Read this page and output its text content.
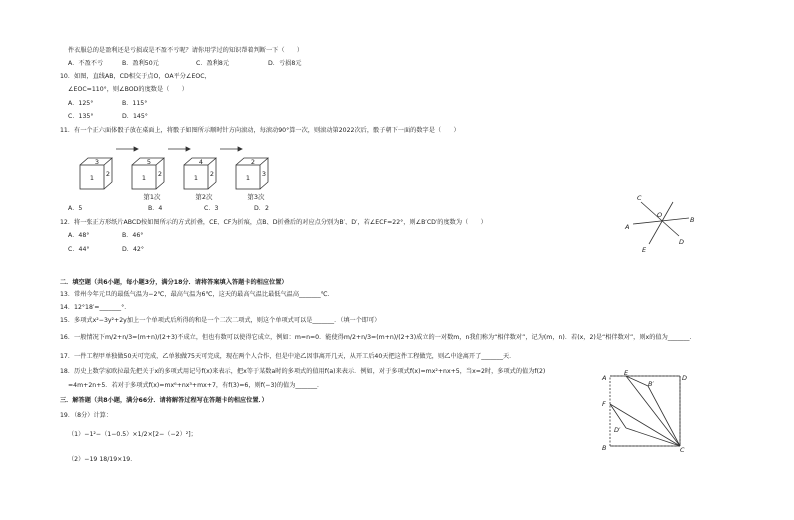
件衣服总的是盈利还是亏损或是不盈不亏呢？请你用学过的知识帮着判断一下（　　）
A．不盈不亏	B．盈利50元	C．盈利8元	D．亏损8元
10．如图，直线AB，CD相交于点O，OA平分∠EOC，
∠EOC=110°，则∠BOD的度数是（　　）
A．125°	B．115°
C．135°	D．145°
11．有一个正六面体骰子放在桌面上，将骰子如图所示顺时针方向滚动，每滚动90°算一次，则滚动第2022次后，骰子朝下一面的数字是（　　）
1
3
2	1
5
2	1
4
2	1
2
3
第1次	第2次	第3次
A．5	B．4	C．3	D．2
12．将一张正方形纸片ABCD按如图所示的方式折叠，CE、CF为折痕，点B、D折叠后的对应点分别为B′、D′，若∠ECF=22°，则∠B′CD′的度数为（　　）
A．48°	B．46°
C．44°	D．42°
C
O
B
A
D
E
二．填空题（共6小题，每小题3分，满分18分．请将答案填入答题卡的相应位置）
13．常州今年元旦的最低气温为−2℃，最高气温为6℃，这天的最高气温比最低气温高_______℃．
14．12°18′=_______°．
15．多项式x²−3y²+2y加上一个单项式后所得的和是一个二次二项式，则这个单项式可以是_______．（填一个即可）
16．一般情况下m/2+n/3=(m+n)/(2+3)不成立，但也有数可以使得它成立，例如：m=n=0．能使得m/2+n/3=(m+n)/(2+3)成立的一对数m，n我们称为“相伴数对”，记为(m，n)．若(x，2)是“相伴数对”，则x的值为_______．
17．一件工程甲单独做50天可完成，乙单独做75天可完成，现在两个人合作，但是中途乙因事离开几天，从开工后40天把这件工程做完，则乙中途离开了_______天．
18．历史上数学家欧拉最先把关于x的多项式用记号f(x)来表示，把x等于某数a时的多项式的值用f(a)来表示．例如，对于多项式f(x)=mx²+nx+5，当x=2时，多项式的值为f(2)
=4m+2n+5．若对于多项式f(x)=mx⁶+nx³+mx+7，有f(3)=6，则f(−3)的值为_______．
三．解答题（共8小题，满分66分．请将解答过程写在答题卡的相应位置．）
19．（8分）计算：
（1）−1²−（1−0.5）×1/2×[2−（−2）²]；
（2）−19 18/19×19．
A
E
B′
D
F
D′
B	C
